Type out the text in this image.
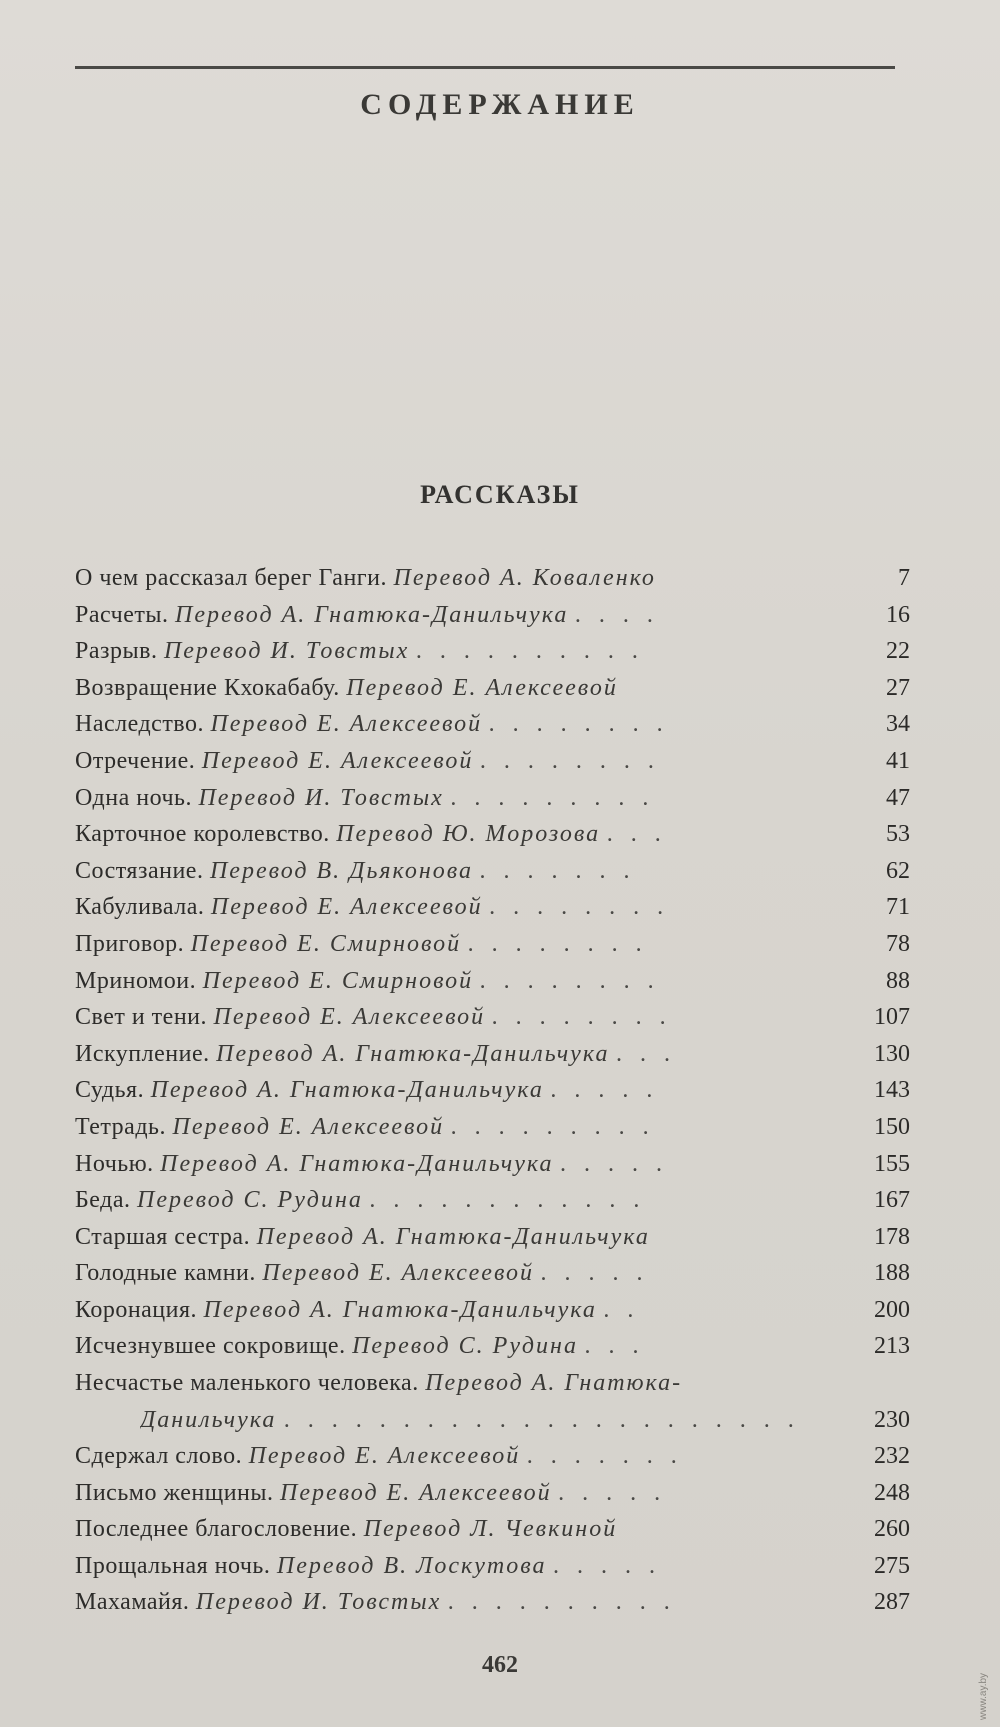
СОДЕРЖАНИЕ
РАССКАЗЫ
О чем рассказал берег Ганги. Перевод А. Коваленко	7
Расчеты. Перевод А. Гнатюка-Данильчука . . . .	16
Разрыв. Перевод И. Товстых . . . . . . . . . .	22
Возвращение Кхокабабу. Перевод Е. Алексеевой	27
Наследство. Перевод Е. Алексеевой . . . . . . . .	34
Отречение. Перевод Е. Алексеевой . . . . . . . .	41
Одна ночь. Перевод И. Товстых . . . . . . . . .	47
Карточное королевство. Перевод Ю. Морозова . . .	53
Состязание. Перевод В. Дьяконова . . . . . . .	62
Кабуливала. Перевод Е. Алексеевой . . . . . . . .	71
Приговор. Перевод Е. Смирновой . . . . . . . .	78
Мриномои. Перевод Е. Смирновой . . . . . . . .	88
Свет и тени. Перевод Е. Алексеевой . . . . . . . .	107
Искупление. Перевод А. Гнатюка-Данильчука . . .	130
Судья. Перевод А. Гнатюка-Данильчука . . . . .	143
Тетрадь. Перевод Е. Алексеевой . . . . . . . . .	150
Ночью. Перевод А. Гнатюка-Данильчука . . . . .	155
Беда. Перевод С. Рудина . . . . . . . . . . . .	167
Старшая сестра. Перевод А. Гнатюка-Данильчука	178
Голодные камни. Перевод Е. Алексеевой . . . . .	188
Коронация. Перевод А. Гнатюка-Данильчука . .	200
Исчезнувшее сокровище. Перевод С. Рудина . . .	213
Несчастье маленького человека. Перевод А. Гнатюка-
Данильчука . . . . . . . . . . . . . . . . . . . . . .	230
Сдержал слово. Перевод Е. Алексеевой . . . . . . .	232
Письмо женщины. Перевод Е. Алексеевой . . . . .	248
Последнее благословение. Перевод Л. Чевкиной	260
Прощальная ночь. Перевод В. Лоскутова . . . . .	275
Махамайя. Перевод И. Товстых . . . . . . . . . .	287
462
www.ay.by
